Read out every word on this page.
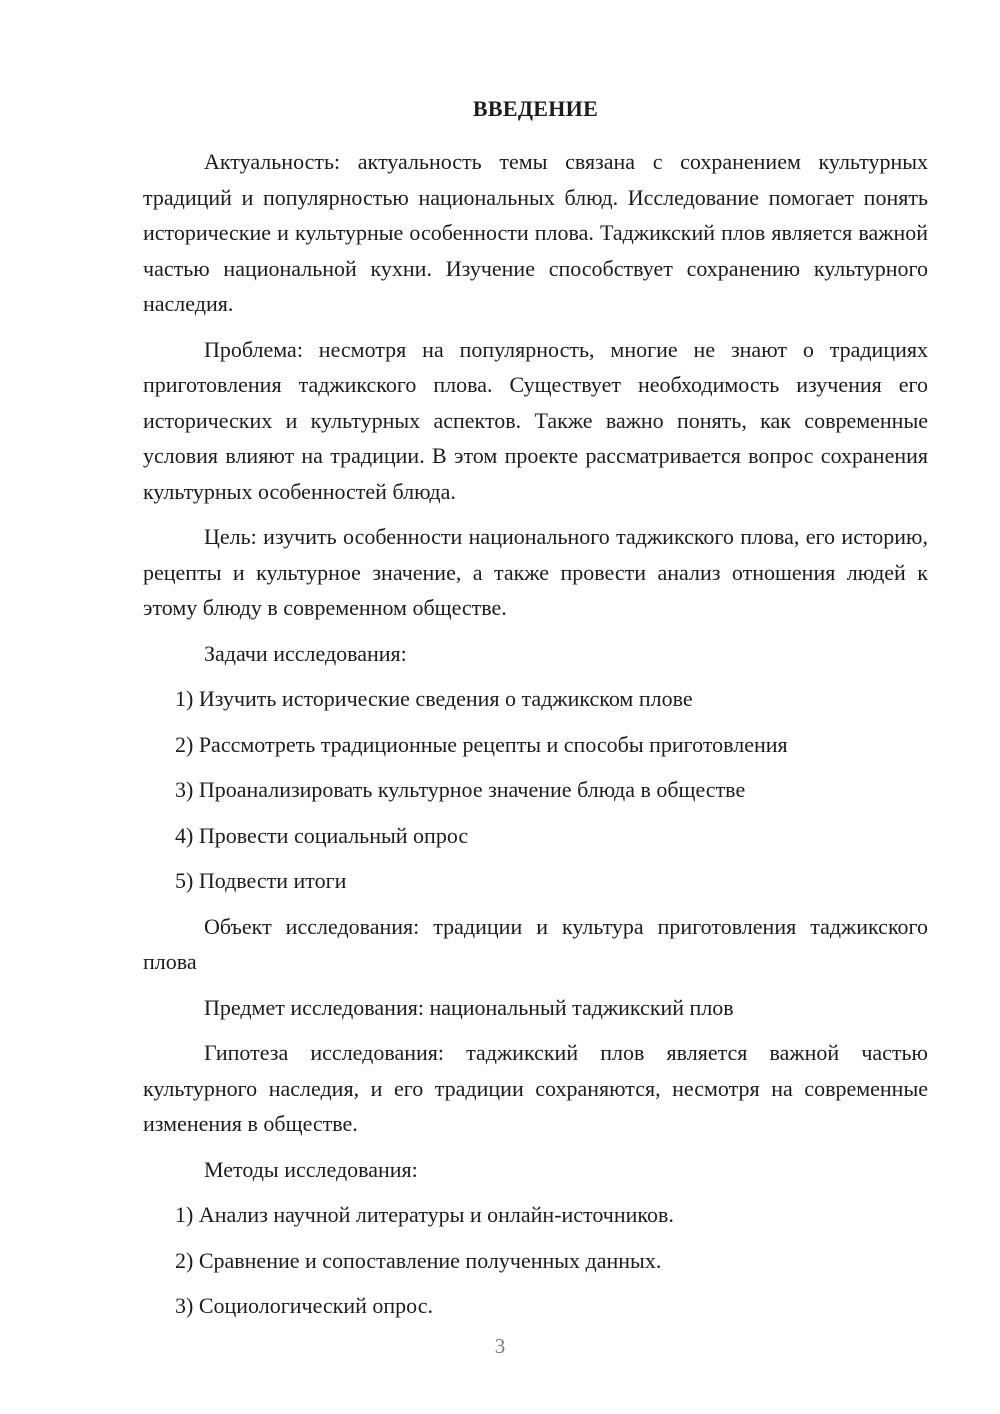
ВВЕДЕНИЕ

Актуальность: актуальность темы связана с сохранением культурных традиций и популярностью национальных блюд. Исследование помогает понять исторические и культурные особенности плова. Таджикский плов является важной частью национальной кухни. Изучение способствует сохранению культурного наследия.

Проблема: несмотря на популярность, многие не знают о традициях приготовления таджикского плова. Существует необходимость изучения его исторических и культурных аспектов. Также важно понять, как современные условия влияют на традиции. В этом проекте рассматривается вопрос сохранения культурных особенностей блюда.

Цель: изучить особенности национального таджикского плова, его историю, рецепты и культурное значение, а также провести анализ отношения людей к этому блюду в современном обществе.

Задачи исследования:

1) Изучить исторические сведения о таджикском плове
2) Рассмотреть традиционные рецепты и способы приготовления
3) Проанализировать культурное значение блюда в обществе
4) Провести социальный опрос
5) Подвести итоги

Объект исследования: традиции и культура приготовления таджикского плова

Предмет исследования: национальный таджикский плов

Гипотеза исследования: таджикский плов является важной частью культурного наследия, и его традиции сохраняются, несмотря на современные изменения в обществе.

Методы исследования:

1) Анализ научной литературы и онлайн-источников.
2) Сравнение и сопоставление полученных данных.
3) Социологический опрос.
3
